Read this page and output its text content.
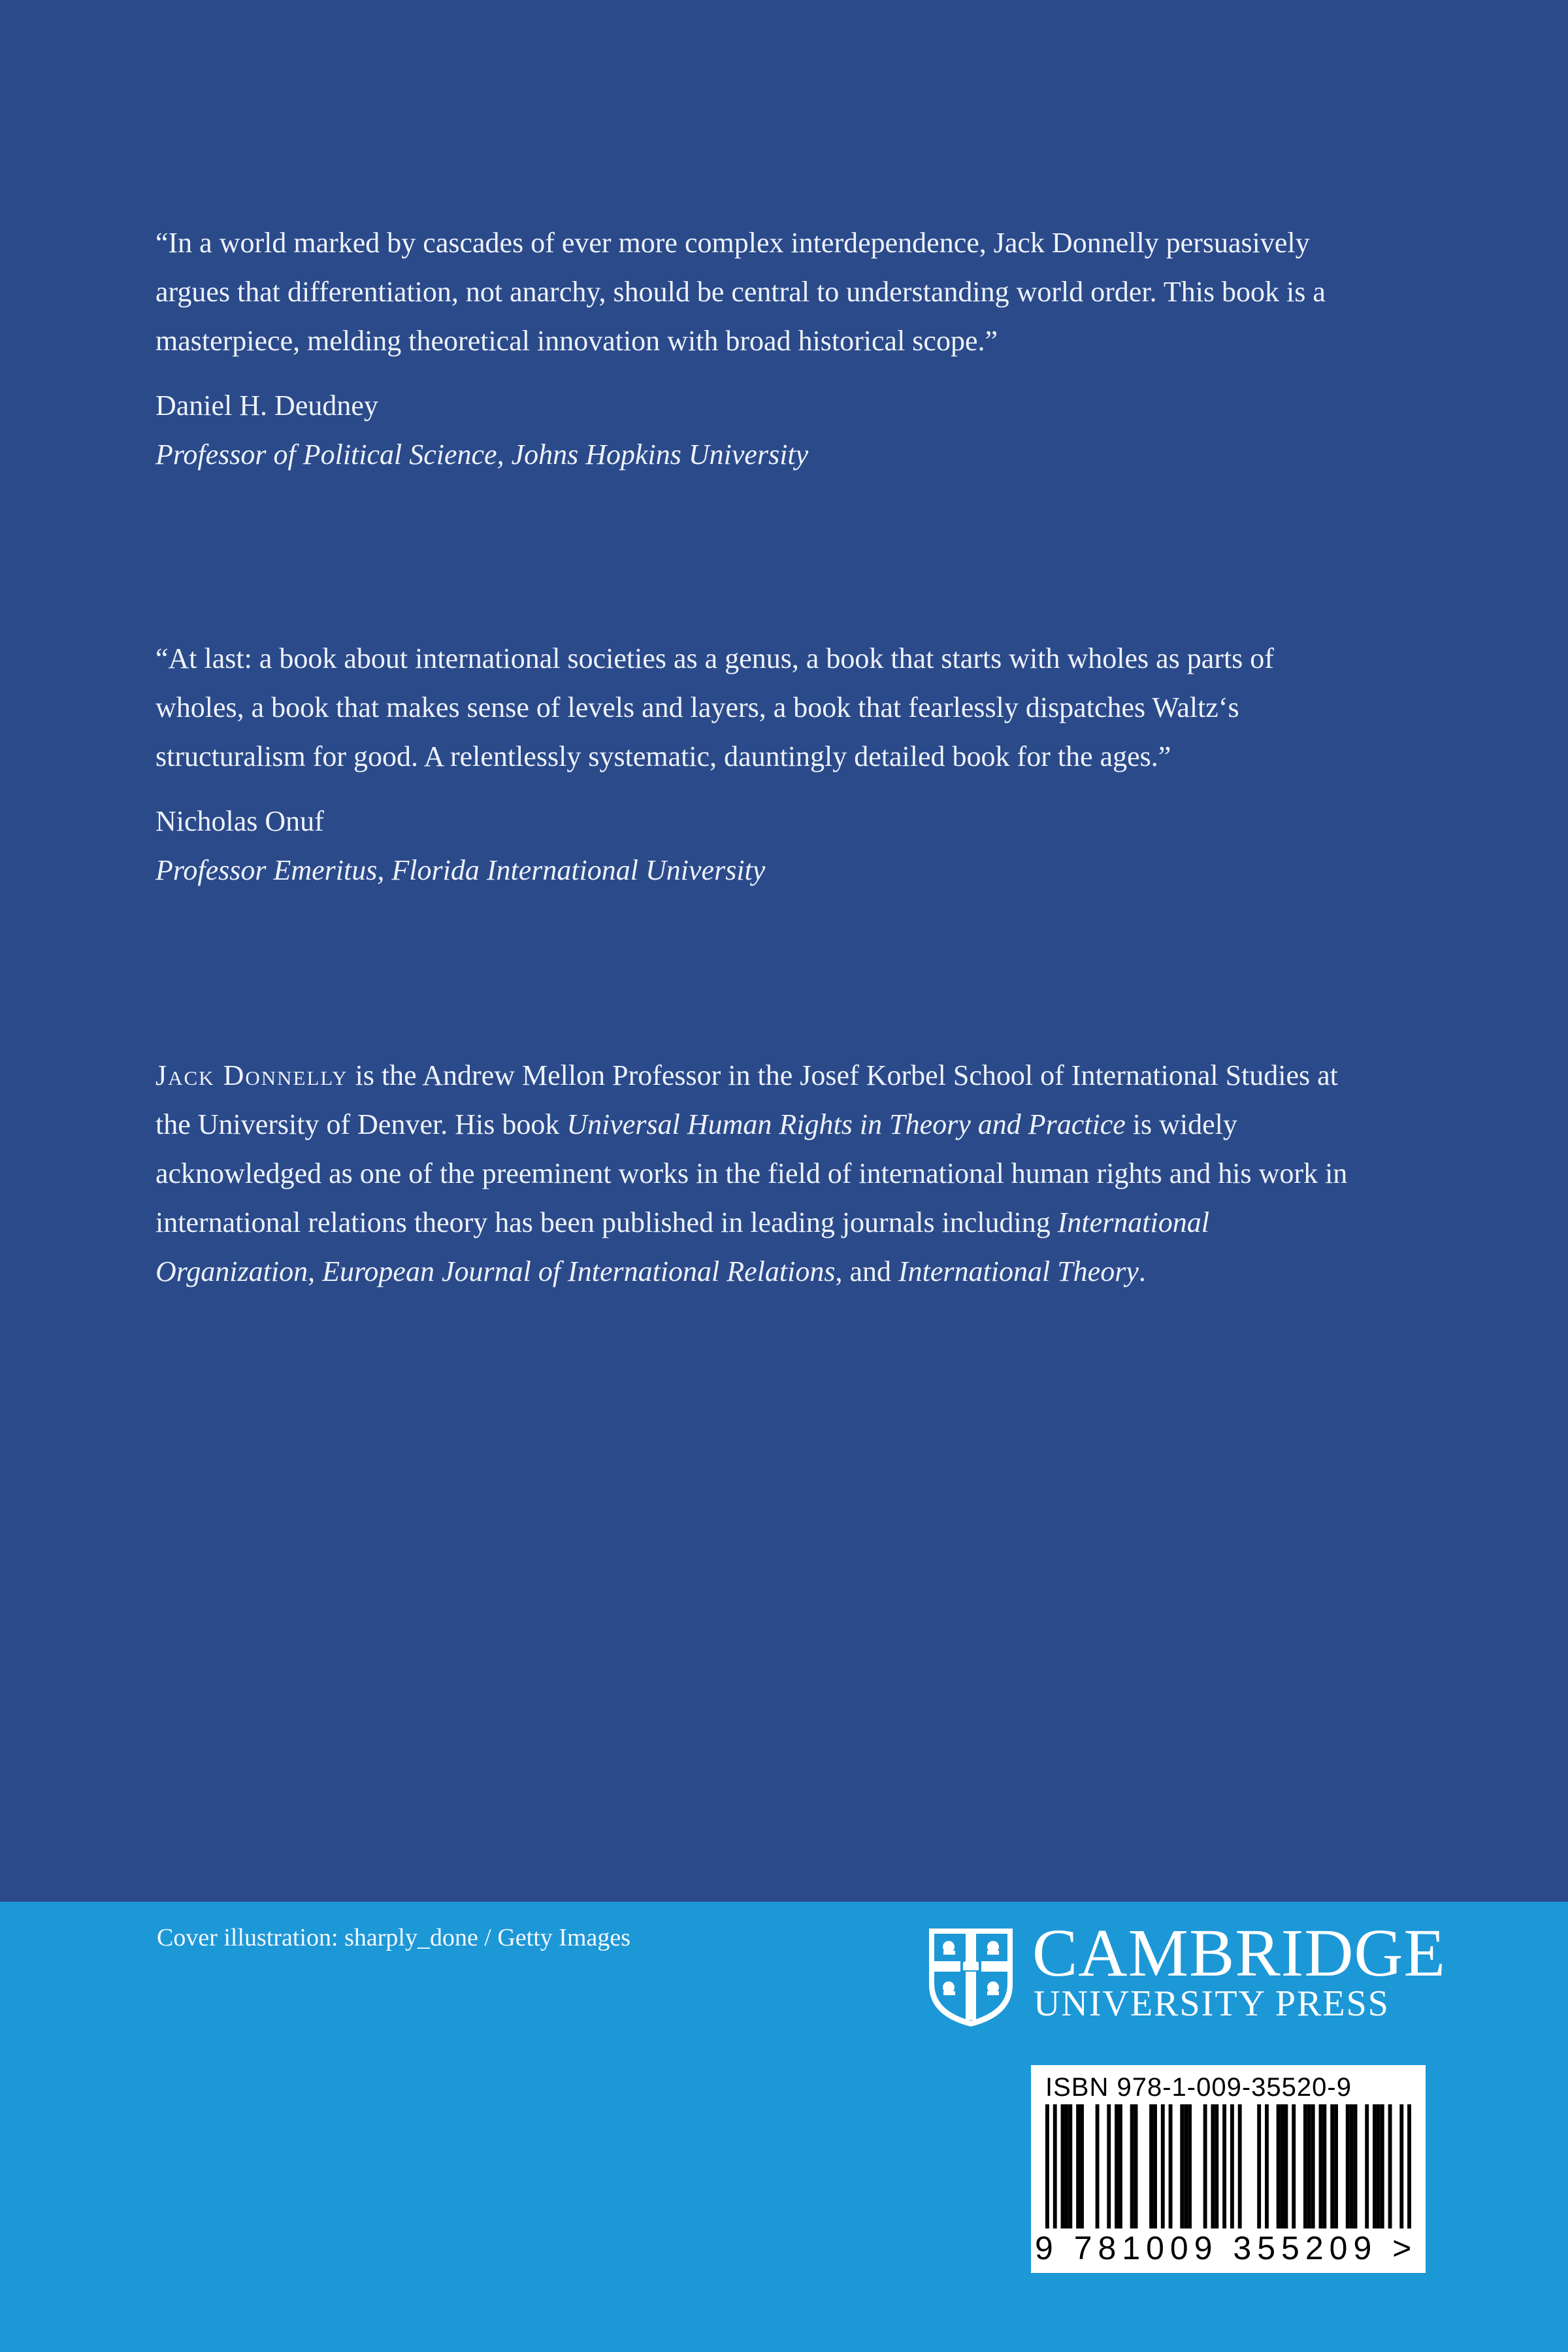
“In a world marked by cascades of ever more complex interdependence, Jack Donnelly persuasively argues that differentiation, not anarchy, should be central to understanding world order. This book is a masterpiece, melding theoretical innovation with broad historical scope.”

Daniel H. Deudney

Professor of Political Science, Johns Hopkins University

“At last: a book about international societies as a genus, a book that starts with wholes as parts of wholes, a book that makes sense of levels and layers, a book that fearlessly dispatches Waltz‘s structuralism for good. A relentlessly systematic, dauntingly detailed book for the ages.”

Nicholas Onuf

Professor Emeritus, Florida International University

Jack Donnelly is the Andrew Mellon Professor in the Josef Korbel School of International Studies at the University of Denver. His book Universal Human Rights in Theory and Practice is widely acknowledged as one of the preeminent works in the field of international human rights and his work in international relations theory has been published in leading journals including International Organization, European Journal of International Relations, and International Theory.

Cover illustration: sharply_done / Getty Images	CAMBRIDGE
UNIVERSITY PRESS
ISBN 978-1-009-35520-9
9 781009 355209 >
